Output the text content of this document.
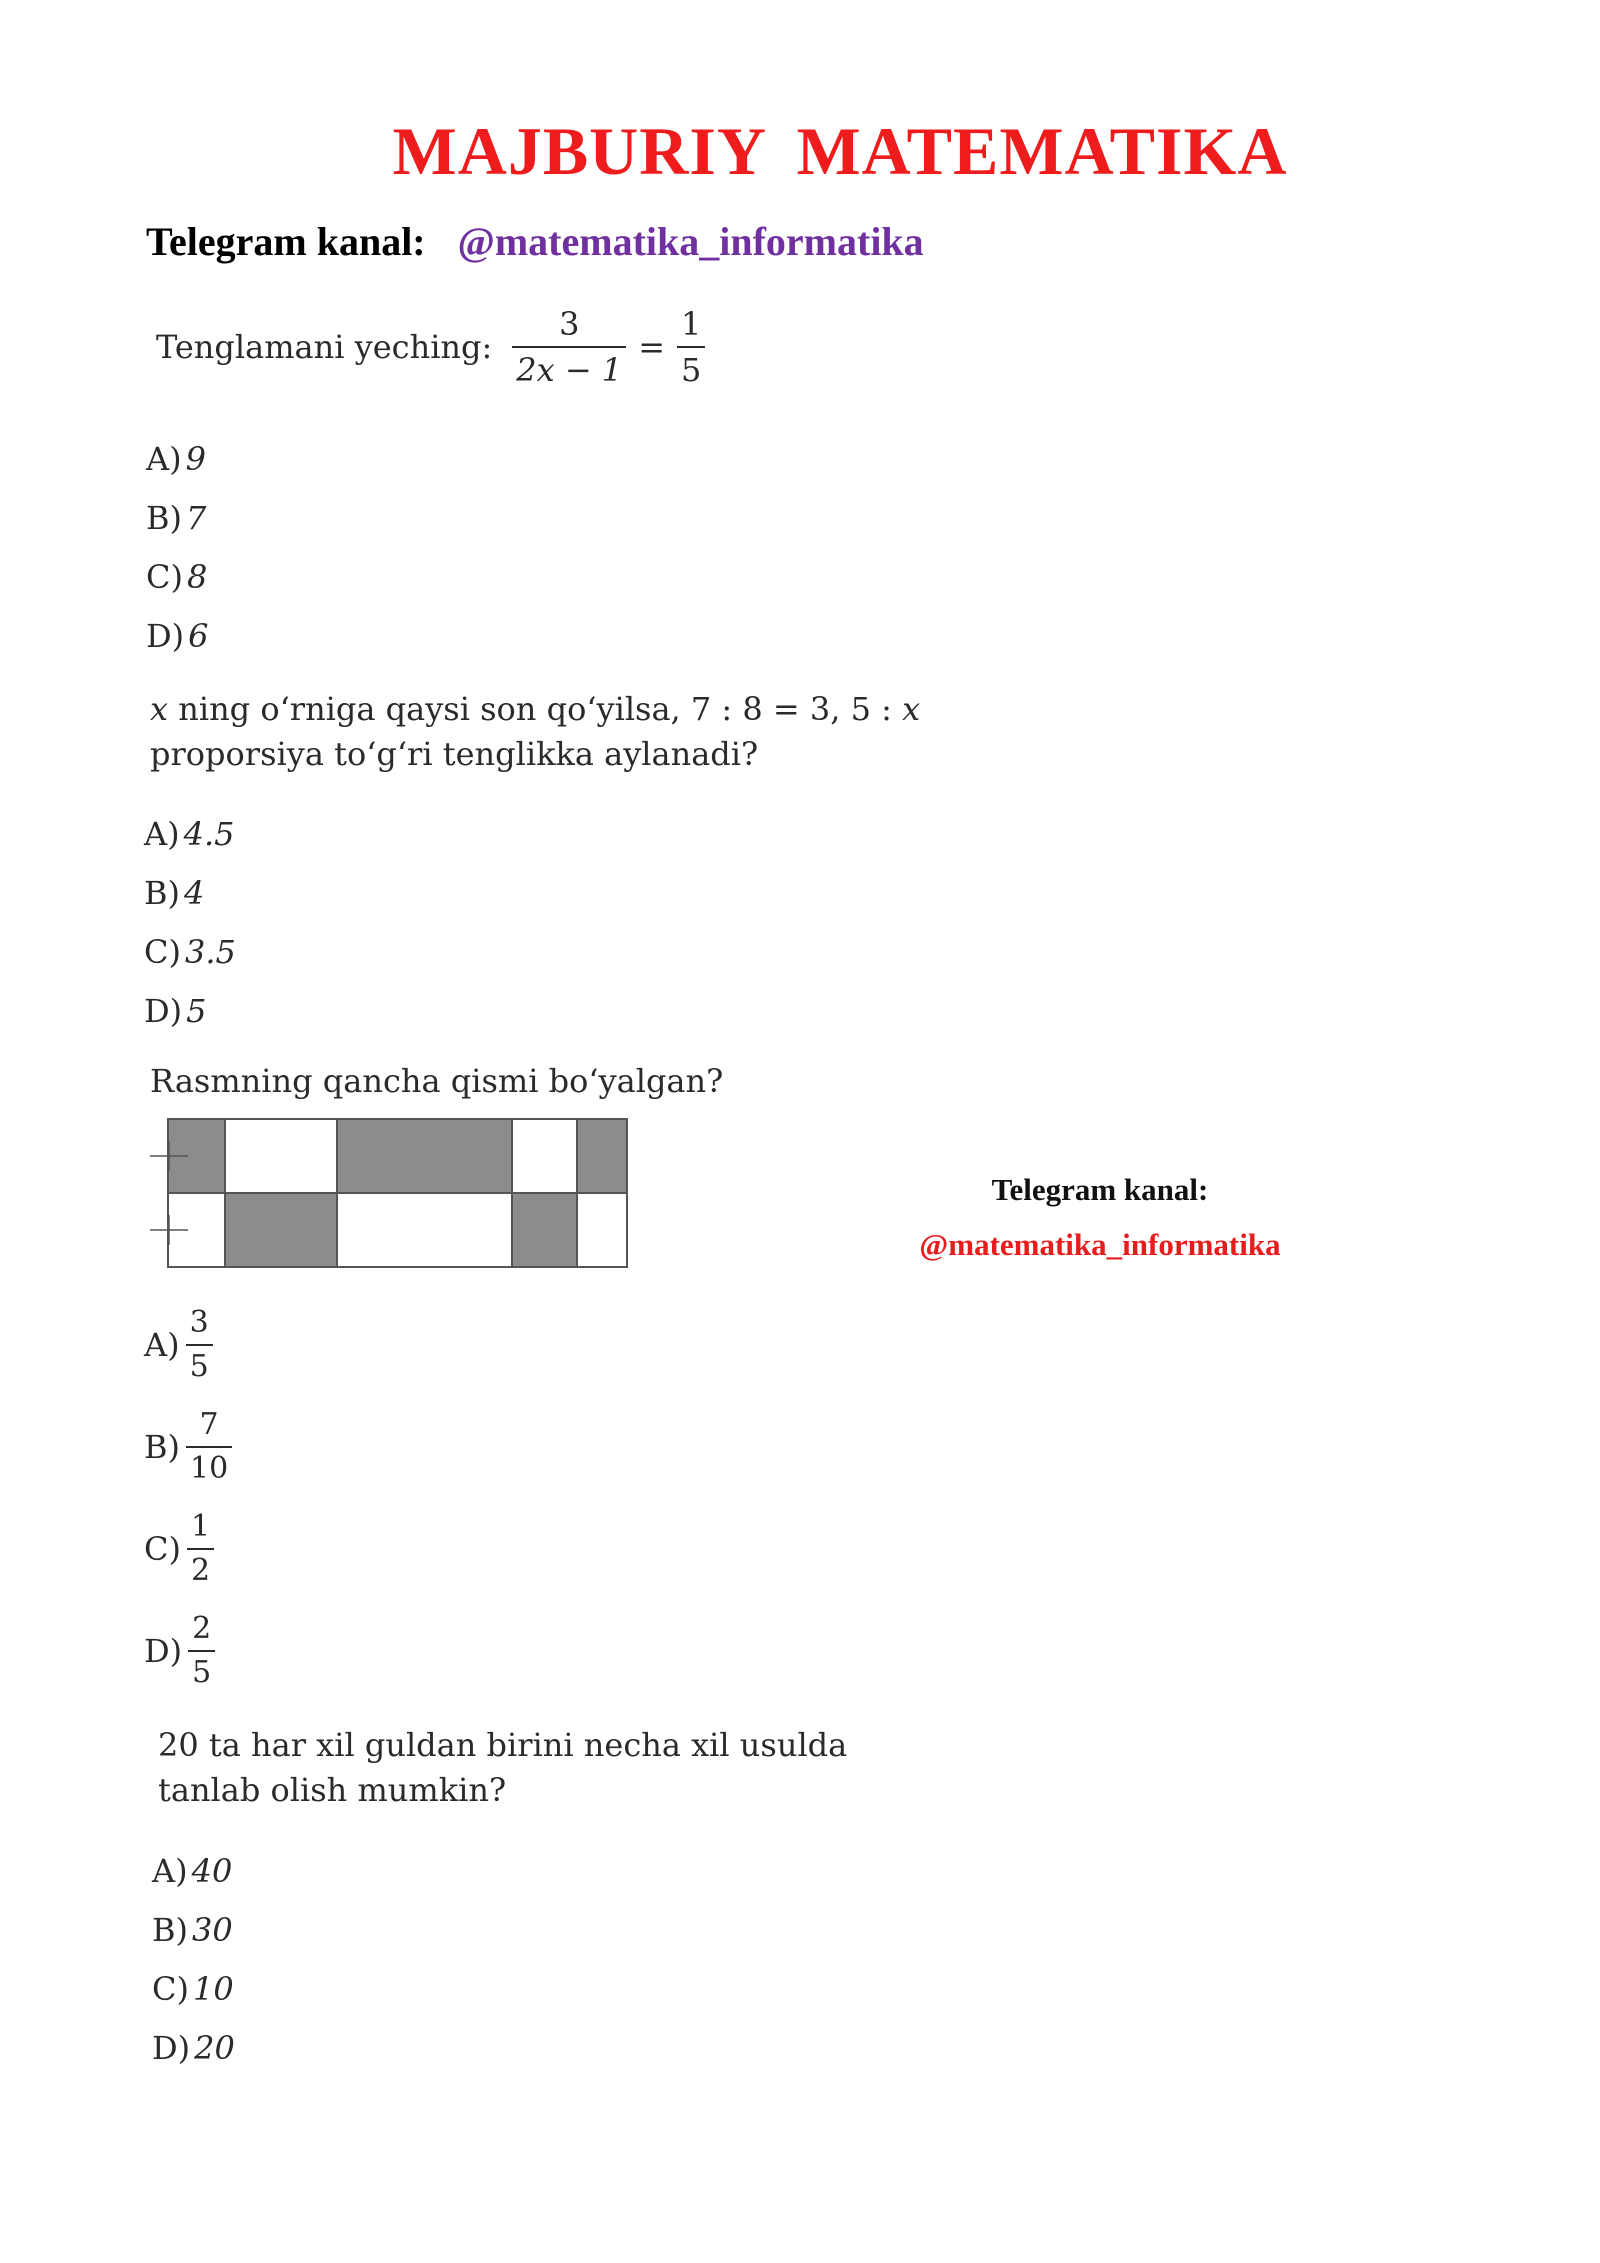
MAJBURIY MATEMATIKA
Telegram kanal: @matematika_informatika
Tenglamani yeching: $\frac{3}{2x - 1} = \frac{1}{5}$
A) 9
B) 7
C) 8
D) 6
x ning o‘rniga qaysi son qo‘yilsa, 7 : 8 = 3, 5 : x
proporsiya to‘g‘ri tenglikka aylanadi?
A) 4.5
B) 4
C) 3.5
D) 5
Rasmning qancha qismi bo‘yalgan?
Telegram kanal:
@matematika_informatika
$A) \frac{3}{5}$
$B) \frac{7}{10}$
$C) \frac{1}{2}$
$D) \frac{2}{5}$
20 ta har xil guldan birini necha xil usulda
tanlab olish mumkin?
A) 40
B) 30
C) 10
D) 20
